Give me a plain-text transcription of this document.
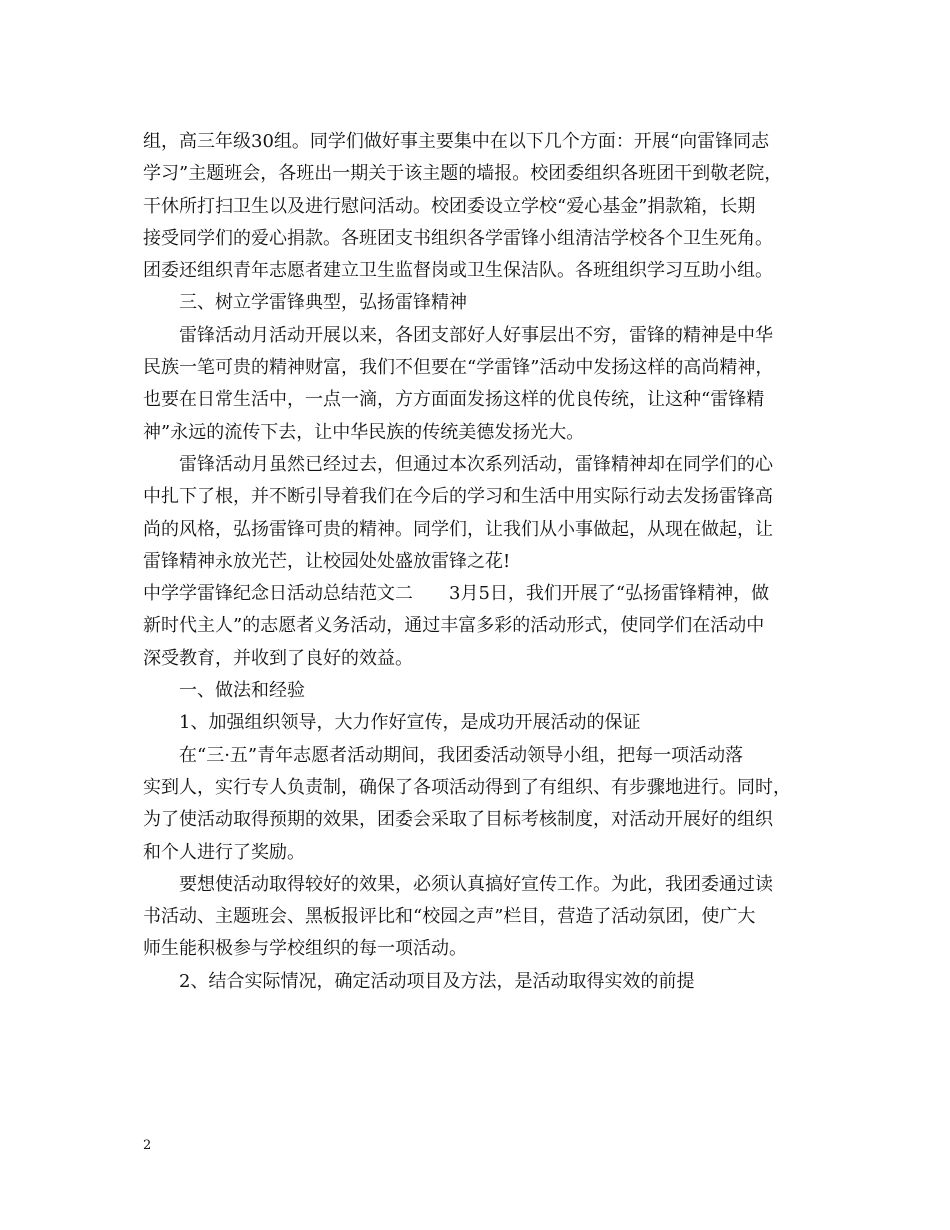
组，高三年级30组。同学们做好事主要集中在以下几个方面：开展“向雷锋同志
学习”主题班会，各班出一期关于该主题的墙报。校团委组织各班团干到敬老院，
干休所打扫卫生以及进行慰问活动。校团委设立学校“爱心基金”捐款箱，长期
接受同学们的爱心捐款。各班团支书组织各学雷锋小组清洁学校各个卫生死角。
团委还组织青年志愿者建立卫生监督岗或卫生保洁队。各班组织学习互助小组。
三、树立学雷锋典型，弘扬雷锋精神
雷锋活动月活动开展以来，各团支部好人好事层出不穷，雷锋的精神是中华
民族一笔可贵的精神财富，我们不但要在“学雷锋”活动中发扬这样的高尚精神，
也要在日常生活中，一点一滴，方方面面发扬这样的优良传统，让这种“雷锋精
神”永远的流传下去，让中华民族的传统美德发扬光大。
雷锋活动月虽然已经过去，但通过本次系列活动，雷锋精神却在同学们的心
中扎下了根，并不断引导着我们在今后的学习和生活中用实际行动去发扬雷锋高
尚的风格，弘扬雷锋可贵的精神。同学们，让我们从小事做起，从现在做起，让
雷锋精神永放光芒，让校园处处盛放雷锋之花!
中学学雷锋纪念日活动总结范文二　　3月5日，我们开展了“弘扬雷锋精神，做
新时代主人”的志愿者义务活动，通过丰富多彩的活动形式，使同学们在活动中
深受教育，并收到了良好的效益。
一、做法和经验
1、加强组织领导，大力作好宣传，是成功开展活动的保证
在“三·五”青年志愿者活动期间，我团委活动领导小组，把每一项活动落
实到人，实行专人负责制，确保了各项活动得到了有组织、有步骤地进行。同时，
为了使活动取得预期的效果，团委会采取了目标考核制度，对活动开展好的组织
和个人进行了奖励。
要想使活动取得较好的效果，必须认真搞好宣传工作。为此，我团委通过读
书活动、主题班会、黑板报评比和“校园之声”栏目，营造了活动氛团，使广大
师生能积极参与学校组织的每一项活动。
2、结合实际情况，确定活动项目及方法，是活动取得实效的前提
2
